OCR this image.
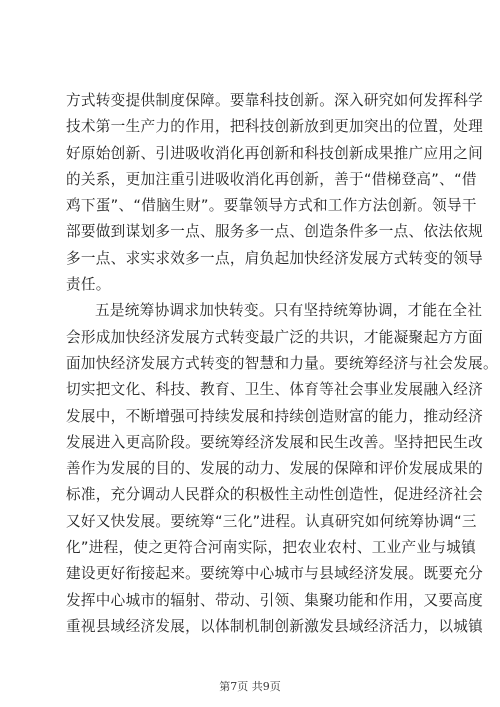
方式转变提供制度保障。要靠科技创新。深入研究如何发挥科学
技术第一生产力的作用，把科技创新放到更加突出的位置，处理
好原始创新、引进吸收消化再创新和科技创新成果推广应用之间
的关系，更加注重引进吸收消化再创新，善于“借梯登高”、“借
鸡下蛋”、“借脑生财”。要靠领导方式和工作方法创新。领导干
部要做到谋划多一点、服务多一点、创造条件多一点、依法依规
多一点、求实求效多一点，肩负起加快经济发展方式转变的领导
责任。
五是统筹协调求加快转变。只有坚持统筹协调，才能在全社
会形成加快经济发展方式转变最广泛的共识，才能凝聚起方方面
面加快经济发展方式转变的智慧和力量。要统筹经济与社会发展。
切实把文化、科技、教育、卫生、体育等社会事业发展融入经济
发展中，不断增强可持续发展和持续创造财富的能力，推动经济
发展进入更高阶段。要统筹经济发展和民生改善。坚持把民生改
善作为发展的目的、发展的动力、发展的保障和评价发展成果的
标准，充分调动人民群众的积极性主动性创造性，促进经济社会
又好又快发展。要统筹“三化”进程。认真研究如何统筹协调“三
化”进程，使之更符合河南实际，把农业农村、工业产业与城镇
建设更好衔接起来。要统筹中心城市与县域经济发展。既要充分
发挥中心城市的辐射、带动、引领、集聚功能和作用，又要高度
重视县域经济发展，以体制机制创新激发县域经济活力，以城镇
第7页 共9页
